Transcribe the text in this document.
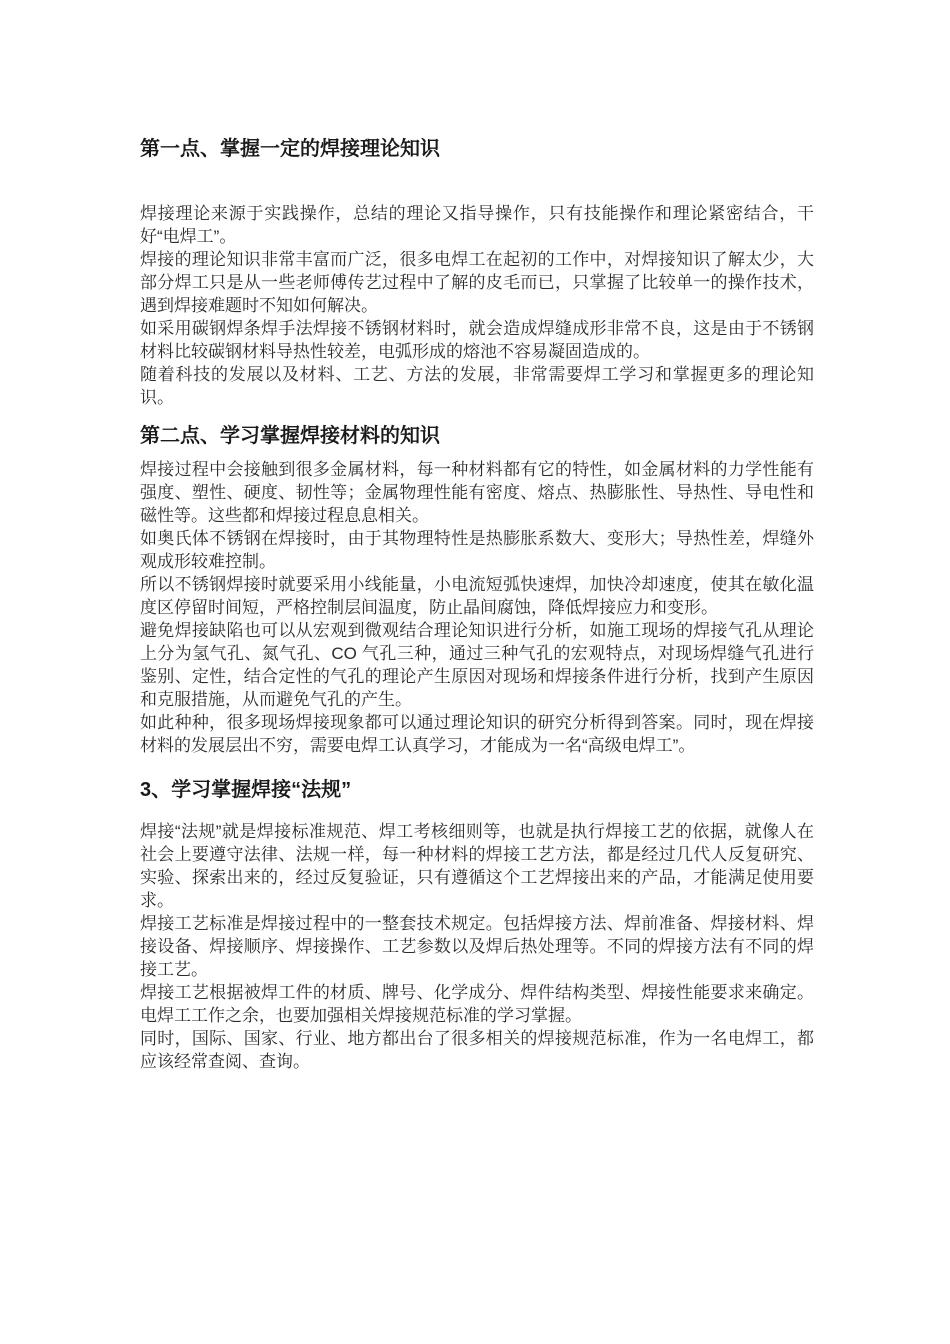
第一点、掌握一定的焊接理论知识

焊接理论来源于实践操作，总结的理论又指导操作，只有技能操作和理论紧密结合，干好“电焊工”。

焊接的理论知识非常丰富而广泛，很多电焊工在起初的工作中，对焊接知识了解太少，大部分焊工只是从一些老师傅传艺过程中了解的皮毛而已，只掌握了比较单一的操作技术，遇到焊接难题时不知如何解决。

如采用碳钢焊条焊手法焊接不锈钢材料时，就会造成焊缝成形非常不良，这是由于不锈钢材料比较碳钢材料导热性较差，电弧形成的熔池不容易凝固造成的。

随着科技的发展以及材料、工艺、方法的发展，非常需要焊工学习和掌握更多的理论知识。

第二点、学习掌握焊接材料的知识

焊接过程中会接触到很多金属材料，每一种材料都有它的特性，如金属材料的力学性能有强度、塑性、硬度、韧性等；金属物理性能有密度、熔点、热膨胀性、导热性、导电性和磁性等。这些都和焊接过程息息相关。

如奥氏体不锈钢在焊接时，由于其物理特性是热膨胀系数大、变形大；导热性差，焊缝外观成形较难控制。

所以不锈钢焊接时就要采用小线能量，小电流短弧快速焊，加快冷却速度，使其在敏化温度区停留时间短，严格控制层间温度，防止晶间腐蚀，降低焊接应力和变形。

避免焊接缺陷也可以从宏观到微观结合理论知识进行分析，如施工现场的焊接气孔从理论上分为氢气孔、氮气孔、CO 气孔三种，通过三种气孔的宏观特点，对现场焊缝气孔进行鉴别、定性，结合定性的气孔的理论产生原因对现场和焊接条件进行分析，找到产生原因和克服措施，从而避免气孔的产生。

如此种种，很多现场焊接现象都可以通过理论知识的研究分析得到答案。同时，现在焊接材料的发展层出不穷，需要电焊工认真学习，才能成为一名“高级电焊工”。

3、学习掌握焊接“法规”

焊接“法规”就是焊接标准规范、焊工考核细则等，也就是执行焊接工艺的依据，就像人在社会上要遵守法律、法规一样，每一种材料的焊接工艺方法，都是经过几代人反复研究、实验、探索出来的，经过反复验证，只有遵循这个工艺焊接出来的产品，才能满足使用要求。

焊接工艺标准是焊接过程中的一整套技术规定。包括焊接方法、焊前准备、焊接材料、焊接设备、焊接顺序、焊接操作、工艺参数以及焊后热处理等。不同的焊接方法有不同的焊接工艺。

焊接工艺根据被焊工件的材质、牌号、化学成分、焊件结构类型、焊接性能要求来确定。电焊工工作之余，也要加强相关焊接规范标准的学习掌握。

同时，国际、国家、行业、地方都出台了很多相关的焊接规范标准，作为一名电焊工，都应该经常查阅、查询。
